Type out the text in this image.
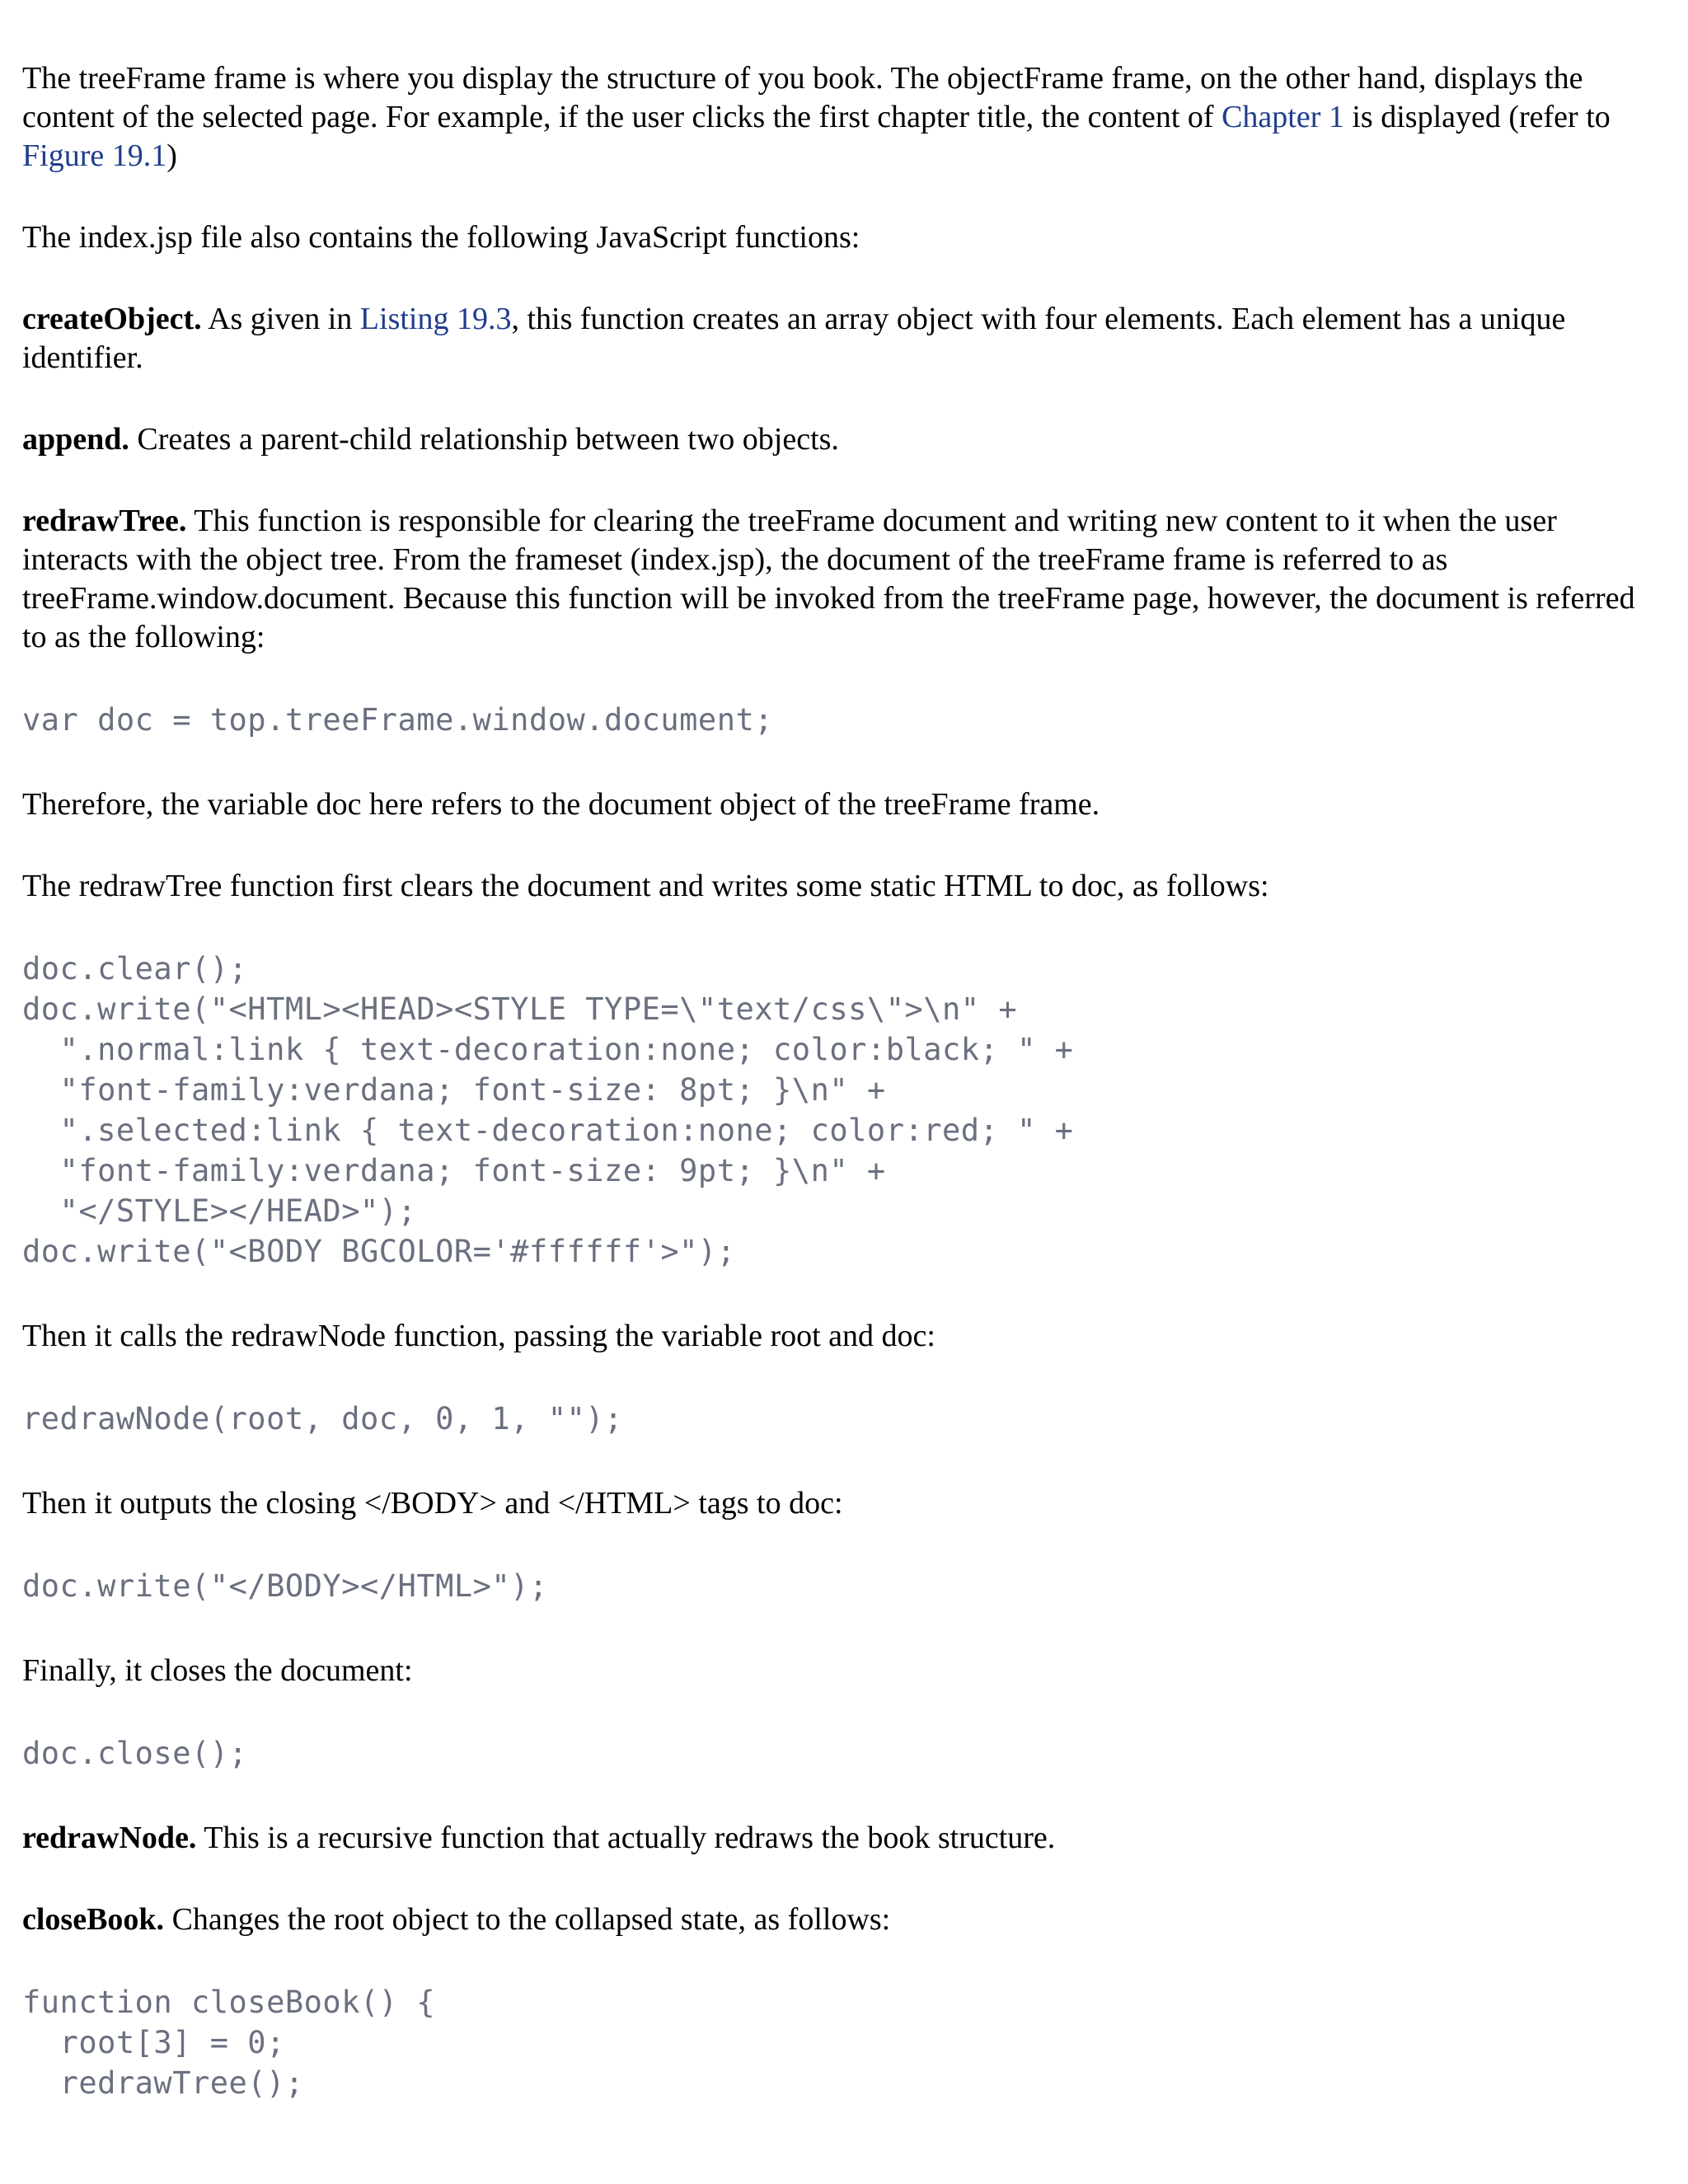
The treeFrame frame is where you display the structure of you book. The objectFrame frame, on the other hand, displays the content of the selected page. For example, if the user clicks the first chapter title, the content of Chapter 1 is displayed (refer to Figure 19.1)

The index.jsp file also contains the following JavaScript functions:

createObject. As given in Listing 19.3, this function creates an array object with four elements. Each element has a unique identifier.

append. Creates a parent-child relationship between two objects.

redrawTree. This function is responsible for clearing the treeFrame document and writing new content to it when the user interacts with the object tree. From the frameset (index.jsp), the document of the treeFrame frame is referred to as treeFrame.window.document. Because this function will be invoked from the treeFrame page, however, the document is referred to as the following:

var doc = top.treeFrame.window.document;

Therefore, the variable doc here refers to the document object of the treeFrame frame.

The redrawTree function first clears the document and writes some static HTML to doc, as follows:

doc.clear();
doc.write("<HTML><HEAD><STYLE TYPE=\"text/css\">\n" +
".normal:link { text-decoration:none; color:black; " +
"font-family:verdana; font-size: 8pt; }\n" +
".selected:link { text-decoration:none; color:red; " +
"font-family:verdana; font-size: 9pt; }\n" +
"</STYLE></HEAD>");
doc.write("<BODY BGCOLOR='#ffffff'>");

Then it calls the redrawNode function, passing the variable root and doc:

redrawNode(root, doc, 0, 1, "");

Then it outputs the closing </BODY> and </HTML> tags to doc:

doc.write("</BODY></HTML>");

Finally, it closes the document:

doc.close();

redrawNode. This is a recursive function that actually redraws the book structure.

closeBook. Changes the root object to the collapsed state, as follows:

function closeBook() {
root[3] = 0;
redrawTree();
